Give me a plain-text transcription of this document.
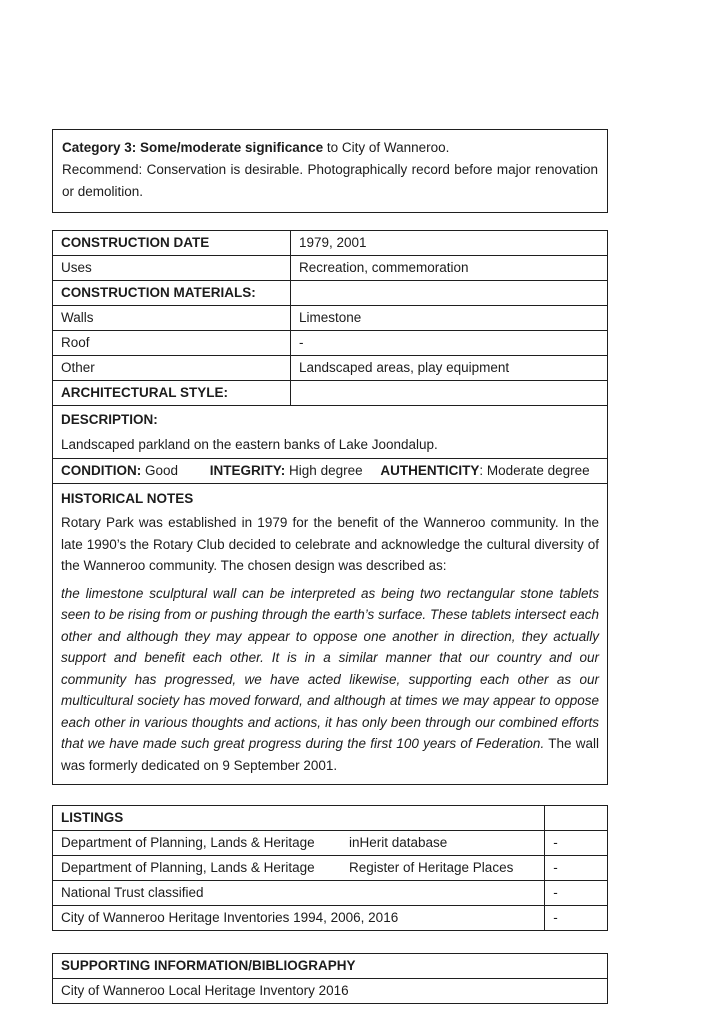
Category 3: Some/moderate significance to City of Wanneroo.
Recommend: Conservation is desirable. Photographically record before major renovation or demolition.
CONSTRUCTION DATE	1979, 2001
Uses	Recreation, commemoration
CONSTRUCTION MATERIALS:	
Walls	Limestone
Roof	-
Other	Landscaped areas, play equipment
ARCHITECTURAL STYLE:	

DESCRIPTION:
Landscaped parkland on the eastern banks of Lake Joondalup.	

CONDITION: Good INTEGRITY: High degree AUTHENTICITY: Moderate degree	

HISTORICAL NOTES
Rotary Park was established in 1979 for the benefit of the Wanneroo community. In the late 1990’s the Rotary Club decided to celebrate and acknowledge the cultural diversity of the Wanneroo community. The chosen design was described as:
the limestone sculptural wall can be interpreted as being two rectangular stone tablets seen to be rising from or pushing through the earth’s surface. These tablets intersect each other and although they may appear to oppose one another in direction, they actually support and benefit each other. It is in a similar manner that our country and our community has progressed, we have acted likewise, supporting each other as our multicultural society has moved forward, and although at times we may appear to oppose each other in various thoughts and actions, it has only been through our combined efforts that we have made such great progress during the first 100 years of Federation. The wall was formerly dedicated on 9 September 2001.	
LISTINGS	
Department of Planning, Lands & Heritage inHerit database	-
Department of Planning, Lands & Heritage Register of Heritage Places	-
National Trust classified	-
City of Wanneroo Heritage Inventories 1994, 2006, 2016	-
SUPPORTING INFORMATION/BIBLIOGRAPHY
City of Wanneroo Local Heritage Inventory 2016
